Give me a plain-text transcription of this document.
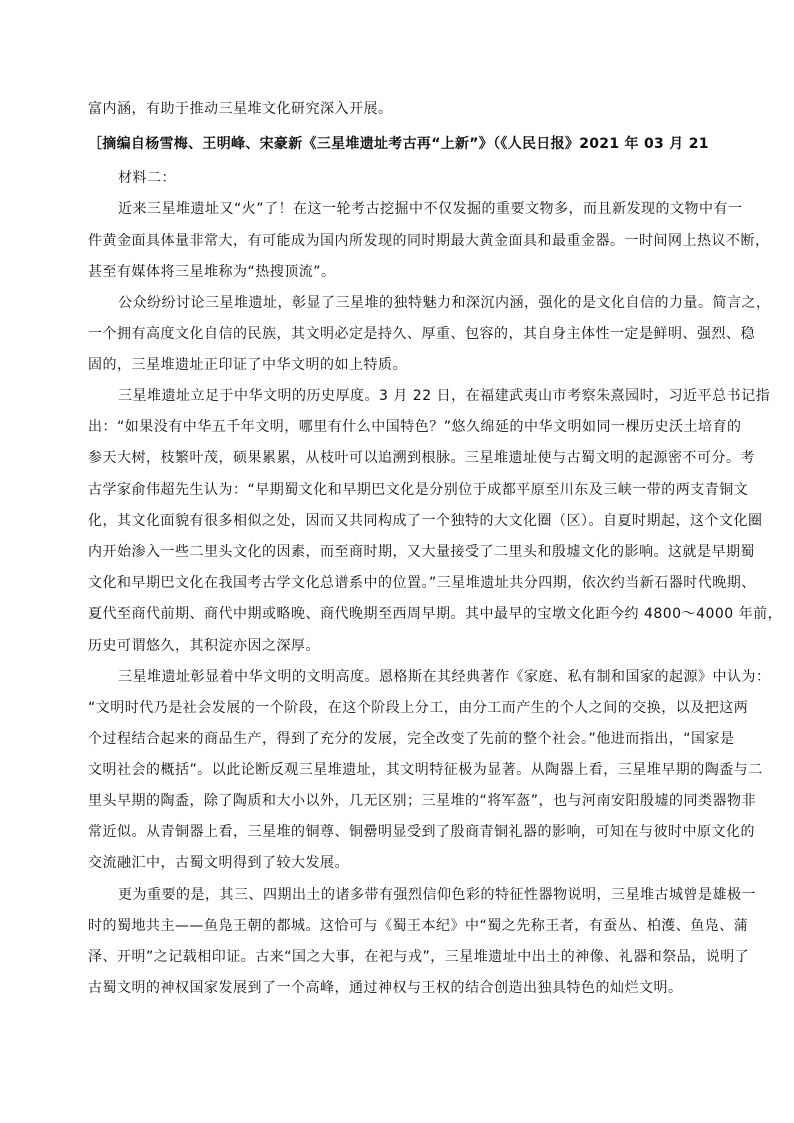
富内涵，有助于推动三星堆文化研究深入开展。
［摘编自杨雪梅、王明峰、宋豪新《三星堆遗址考古再“上新”》（《人民日报》2021 年 03 月 21
材料二：
近来三星堆遗址又“火”了！在这一轮考古挖掘中不仅发掘的重要文物多，而且新发现的文物中有一
件黄金面具体量非常大，有可能成为国内所发现的同时期最大黄金面具和最重金器。一时间网上热议不断，
甚至有媒体将三星堆称为“热搜顶流”。
公众纷纷讨论三星堆遗址，彰显了三星堆的独特魅力和深沉内涵，强化的是文化自信的力量。简言之，
一个拥有高度文化自信的民族，其文明必定是持久、厚重、包容的，其自身主体性一定是鲜明、强烈、稳
固的，三星堆遗址正印证了中华文明的如上特质。
三星堆遗址立足于中华文明的历史厚度。3 月 22 日，在福建武夷山市考察朱熹园时，习近平总书记指
出：“如果没有中华五千年文明，哪里有什么中国特色？”悠久绵延的中华文明如同一棵历史沃土培育的
参天大树，枝繁叶茂，硕果累累，从枝叶可以追溯到根脉。三星堆遗址使与古蜀文明的起源密不可分。考
古学家俞伟超先生认为：“早期蜀文化和早期巴文化是分别位于成都平原至川东及三峡一带的两支青铜文
化，其文化面貌有很多相似之处，因而又共同构成了一个独特的大文化圈（区）。自夏时期起，这个文化圈
内开始渗入一些二里头文化的因素，而至商时期，又大量接受了二里头和殷墟文化的影响。这就是早期蜀
文化和早期巴文化在我国考古学文化总谱系中的位置。”三星堆遗址共分四期，依次约当新石器时代晚期、
夏代至商代前期、商代中期或略晚、商代晚期至西周早期。其中最早的宝墩文化距今约 4800～4000 年前，
历史可谓悠久，其积淀亦因之深厚。
三星堆遗址彰显着中华文明的文明高度。恩格斯在其经典著作《家庭、私有制和国家的起源》中认为：
“文明时代乃是社会发展的一个阶段，在这个阶段上分工，由分工而产生的个人之间的交换，以及把这两
个过程结合起来的商品生产，得到了充分的发展，完全改变了先前的整个社会。”他进而指出，“国家是
文明社会的概括”。以此论断反观三星堆遗址，其文明特征极为显著。从陶器上看，三星堆早期的陶盉与二
里头早期的陶盉，除了陶质和大小以外，几无区别；三星堆的“将军盔”，也与河南安阳殷墟的同类器物非
常近似。从青铜器上看，三星堆的铜尊、铜罍明显受到了殷商青铜礼器的影响，可知在与彼时中原文化的
交流融汇中，古蜀文明得到了较大发展。
更为重要的是，其三、四期出土的诸多带有强烈信仰色彩的特征性器物说明，三星堆古城曾是雄极一
时的蜀地共主——鱼凫王朝的都城。这恰可与《蜀王本纪》中“蜀之先称王者，有蚕丛、柏濩、鱼凫、蒲
泽、开明”之记载相印证。古来“国之大事，在祀与戎”，三星堆遗址中出土的神像、礼器和祭品，说明了
古蜀文明的神权国家发展到了一个高峰，通过神权与王权的结合创造出独具特色的灿烂文明。
